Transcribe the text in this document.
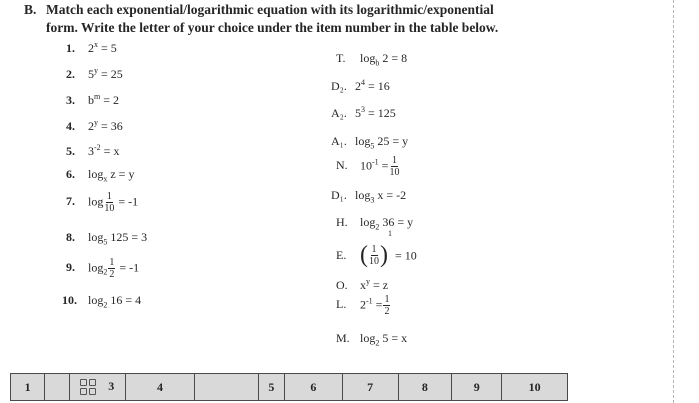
B. Match each exponential/logarithmic equation with its logarithmic/exponential
form. Write the letter of your choice under the item number in the table below.
1. $2^x = 5$
2. $5^y = 25$
3. $b^m = 2$
4. $2^y = 36$
5. $3^{-2} = x$
6. $\log_x z = y$
7. $\log \frac{1}{10} = -1$
8. $\log_5 125 = 3$
9. $\log_2 \frac{1}{2} = -1$
10. $\log_2 16 = 4$
T. $\log_b 2 = 8$
D₂. $2^4 = 16$
A₂. $5^3 = 125$
A₁. $\log_5 25 = y$
N. $10^{-1} = \frac{1}{10}$
D₁. $\log_3 x = -2$
H. $\log_2 36 = y$
E. ( $\frac{1}{10} )^1 = 10$
O. $x^y = z$
L. $2^{-1} = \frac{1}{2}$
M. $\log_2 5 = x$
1		3	4		5	6	7	8	9	10
